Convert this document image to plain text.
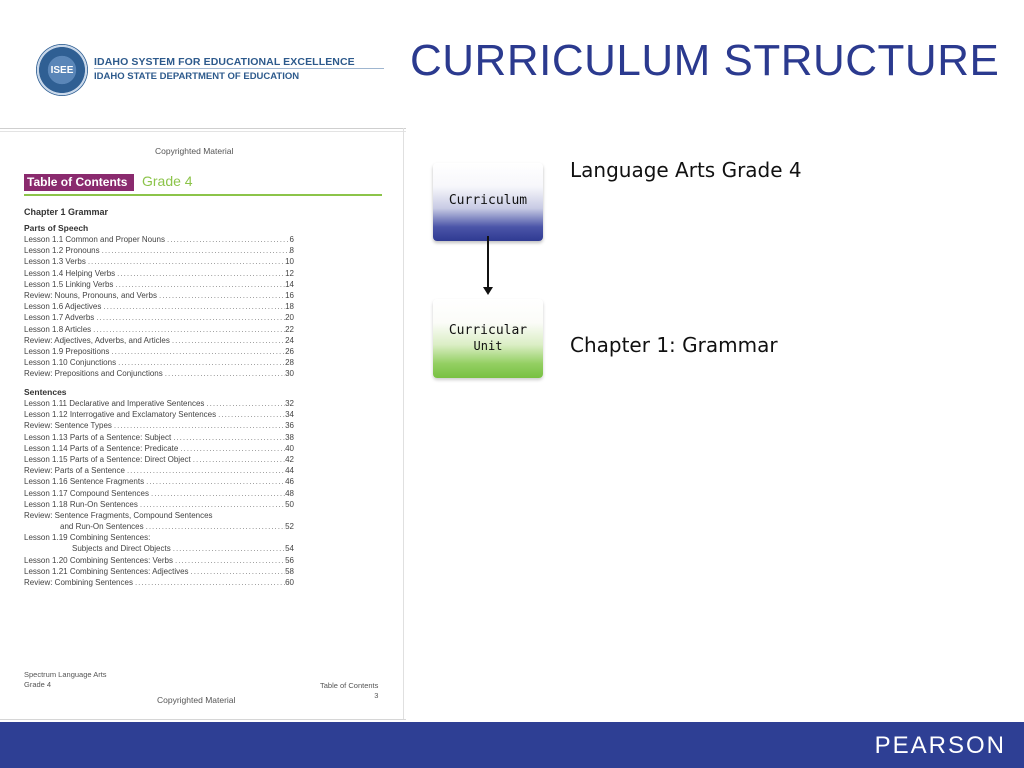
ISEE
IDAHO SYSTEM FOR EDUCATIONAL EXCELLENCE
IDAHO STATE DEPARTMENT OF EDUCATION	CURRICULUM STRUCTURE
Copyrighted Material
Table of Contents	Grade 4
Chapter 1 Grammar
Parts of Speech
Lesson 1.1 Common and Proper Nouns .....	6
Lesson 1.2 Pronouns .....	8
Lesson 1.3 Verbs .....	10
Lesson 1.4 Helping Verbs .....	12
Lesson 1.5 Linking Verbs .....	14
Review: Nouns, Pronouns, and Verbs .....	16
Lesson 1.6 Adjectives .....	18
Lesson 1.7 Adverbs .....	20
Lesson 1.8 Articles .....	22
Review: Adjectives, Adverbs, and Articles .....	24
Lesson 1.9 Prepositions .....	26
Lesson 1.10 Conjunctions .....	28
Review: Prepositions and Conjunctions .....	30
Sentences
Lesson 1.11 Declarative and Imperative Sentences .....	32
Lesson 1.12 Interrogative and Exclamatory Sentences .....	34
Review: Sentence Types .....	36
Lesson 1.13 Parts of a Sentence: Subject .....	38
Lesson 1.14 Parts of a Sentence: Predicate .....	40
Lesson 1.15 Parts of a Sentence: Direct Object .....	42
Review: Parts of a Sentence .....	44
Lesson 1.16 Sentence Fragments .....	46
Lesson 1.17 Compound Sentences .....	48
Lesson 1.18 Run-On Sentences .....	50
Review: Sentence Fragments, Compound Sentences
and Run-On Sentences .....	52
Lesson 1.19 Combining Sentences:
Subjects and Direct Objects .....	54
Lesson 1.20 Combining Sentences: Verbs .....	56
Lesson 1.21 Combining Sentences: Adjectives .....	58
Review: Combining Sentences .....	60
Spectrum Language Arts
Grade 4	Table of Contents
3
Copyrighted Material
Curriculum
Curricular
Unit
Language Arts Grade 4
Chapter 1: Grammar
PEARSON
